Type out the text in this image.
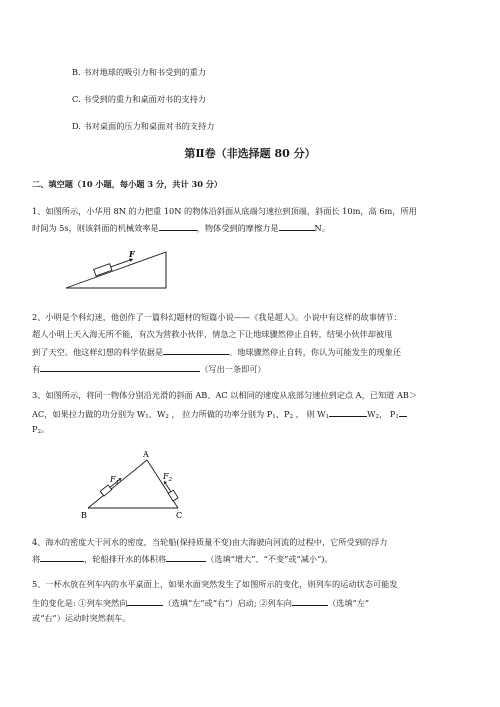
B. 书对地球的吸引力和书受到的重力
C. 书受到的重力和桌面对书的支持力
D. 书对桌面的压力和桌面对书的支持力
第Ⅱ卷（非选择题 80 分）
二、填空题（10 小题，每小题 3 分，共计 30 分）
1、如图所示，小华用 8N 的力把重 10N 的物体沿斜面从底端匀速拉到顶端，斜面长 10m，高 6m，所用
时间为 5s，则该斜面的机械效率是	，物体受到的摩擦力是	N。
F
2、小明是个科幻迷，他创作了一篇科幻题材的短篇小说——《我是超人》。小说中有这样的故事情节：
超人小明上天入海无所不能，有次为营救小伙伴，情急之下让地球骤然停止自转，结果小伙伴却被甩
到了天空。他这样幻想的科学依据是	。地球骤然停止自转，你认为可能发生的现象还
有	（写出一条即可）
3、如图所示，将同一物体分别沿光滑的斜面 AB、AC 以相同的速度从底部匀速拉到定点 A，已知道 AB＞
AC，如果拉力做的功分别为 $W_1$、$W_2$ ， 拉力所做的功率分别为 $P_1$、$P_2$ ， 则 $W_1$	$W_2$， $P_1$
$P_2$。
A
B	C
$F_1$
$F_2$
4、海水的密度大于河水的密度，当轮船(保持质量不变)由大海驶向河流的过程中，它所受到的浮力
将	，轮船排开水的体积将	（选填“增大”、“不变”或“减小”)。
5、一杯水放在列车内的水平桌面上，如果水面突然发生了如图所示的变化，则列车的运动状态可能发
生的变化是: ①列车突然向	（选填“左”或“右”）启动; ②列车向	（选填“左”
或“右”）运动时突然刹车。
